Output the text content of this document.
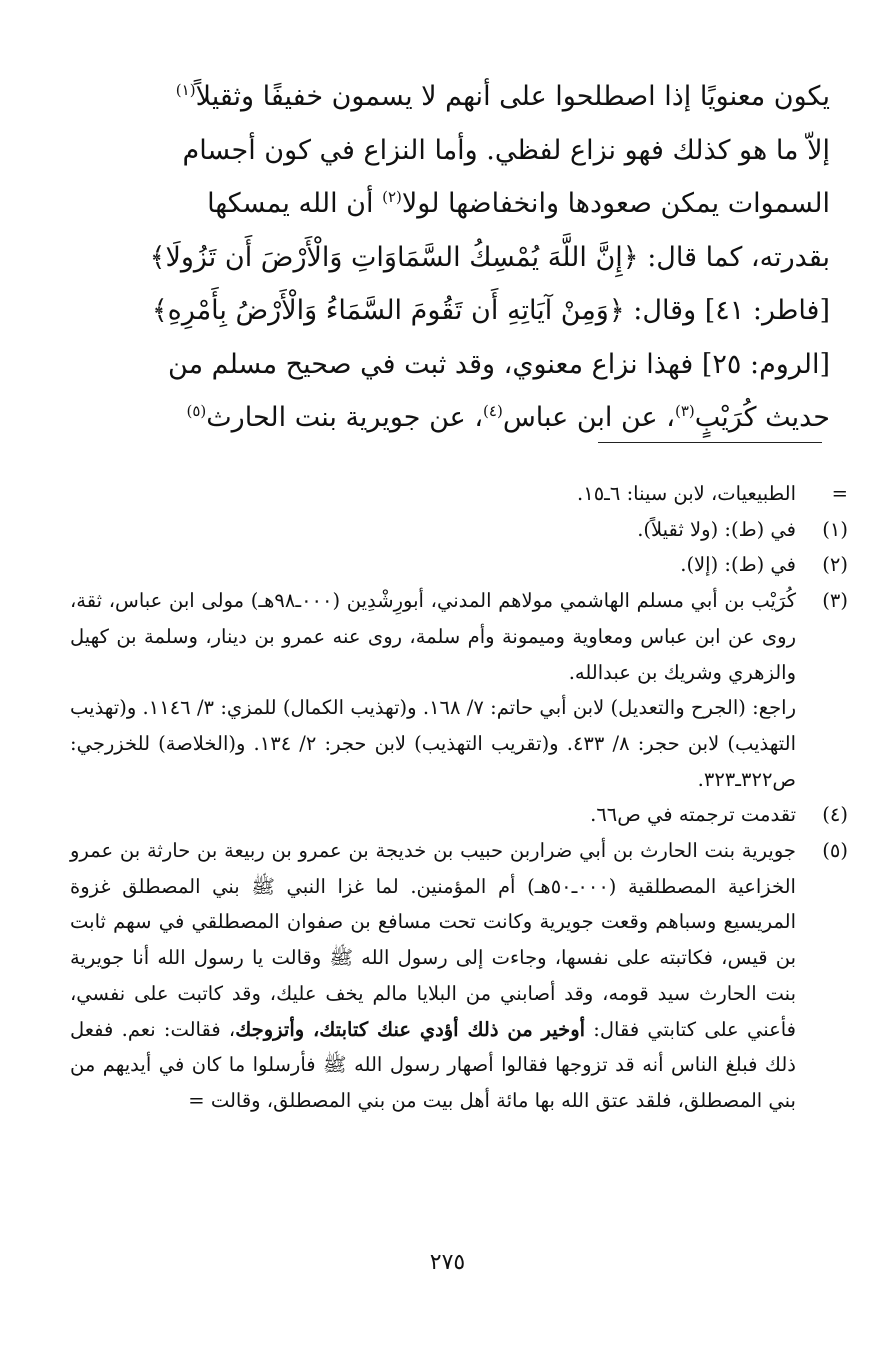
يكون معنويًا إذا اصطلحوا على أنهم لا يسمون خفيفًا وثقيلاً$^{(١)}$

إلاّ ما هو كذلك فهو نزاع لفظي. وأما النزاع في كون أجسام

السموات يمكن صعودها وانخفاضها لولا$^{(٢)}$ أن الله يمسكها

بقدرته، كما قال: ﴿إِنَّ اللَّهَ يُمْسِكُ السَّمَاوَاتِ وَالْأَرْضَ أَن تَزُولَا﴾

[فاطر: ٤١] وقال: ﴿وَمِنْ آيَاتِهِ أَن تَقُومَ السَّمَاءُ وَالْأَرْضُ بِأَمْرِهِ﴾

[الروم: ٢٥] فهذا نزاع معنوي، وقد ثبت في صحيح مسلم من

حديث كُرَيْبٍ$^{(٣)}$، عن ابن عباس$^{(٤)}$، عن جويرية بنت الحارث$^{(٥)}$

=
الطبيعيات، لابن سينا: ٦ـ١٥.
(١)
في (ط): (ولا ثقيلاً).
(٢)
في (ط): (إلا).
(٣)
كُرَيْب بن أبي مسلم الهاشمي مولاهم المدني، أبورِشْدِين (٠٠٠ـ٩٨هـ) مولى ابن عباس، ثقة، روى عن ابن عباس ومعاوية وميمونة وأم سلمة، روى عنه عمرو بن دينار، وسلمة بن كهيل والزهري وشريك بن عبدالله.
راجع: (الجرح والتعديل) لابن أبي حاتم: ٧/ ١٦٨. و(تهذيب الكمال) للمزي: ٣/ ١١٤٦. و(تهذيب التهذيب) لابن حجر: ٨/ ٤٣٣. و(تقريب التهذيب) لابن حجر: ٢/ ١٣٤. و(الخلاصة) للخزرجي: ص٣٢٢ـ٣٢٣.
(٤)
تقدمت ترجمته في ص٦٦.
(٥)
جويرية بنت الحارث بن أبي ضراربن حبيب بن خديجة بن عمرو بن ربيعة بن حارثة بن عمرو الخزاعية المصطلقية (٠٠٠ـ٥٠هـ) أم المؤمنين. لما غزا النبي ﷺ بني المصطلق غزوة المريسيع وسباهم وقعت جويرية وكانت تحت مسافع بن صفوان المصطلقي في سهم ثابت بن قيس، فكاتبته على نفسها، وجاءت إلى رسول الله ﷺ وقالت يا رسول الله أنا جويرية بنت الحارث سيد قومه، وقد أصابني من البلايا مالم يخف عليك، وقد كاتبت على نفسي، فأعني على كتابتي فقال: أوخير من ذلك أؤدي عنك كتابتك، وأتزوجك، فقالت: نعم. ففعل ذلك فبلغ الناس أنه قد تزوجها فقالوا أصهار رسول الله ﷺ فأرسلوا ما كان في أيديهم من بني المصطلق، فلقد عتق الله بها مائة أهل بيت من بني المصطلق، وقالت =
٢٧٥
